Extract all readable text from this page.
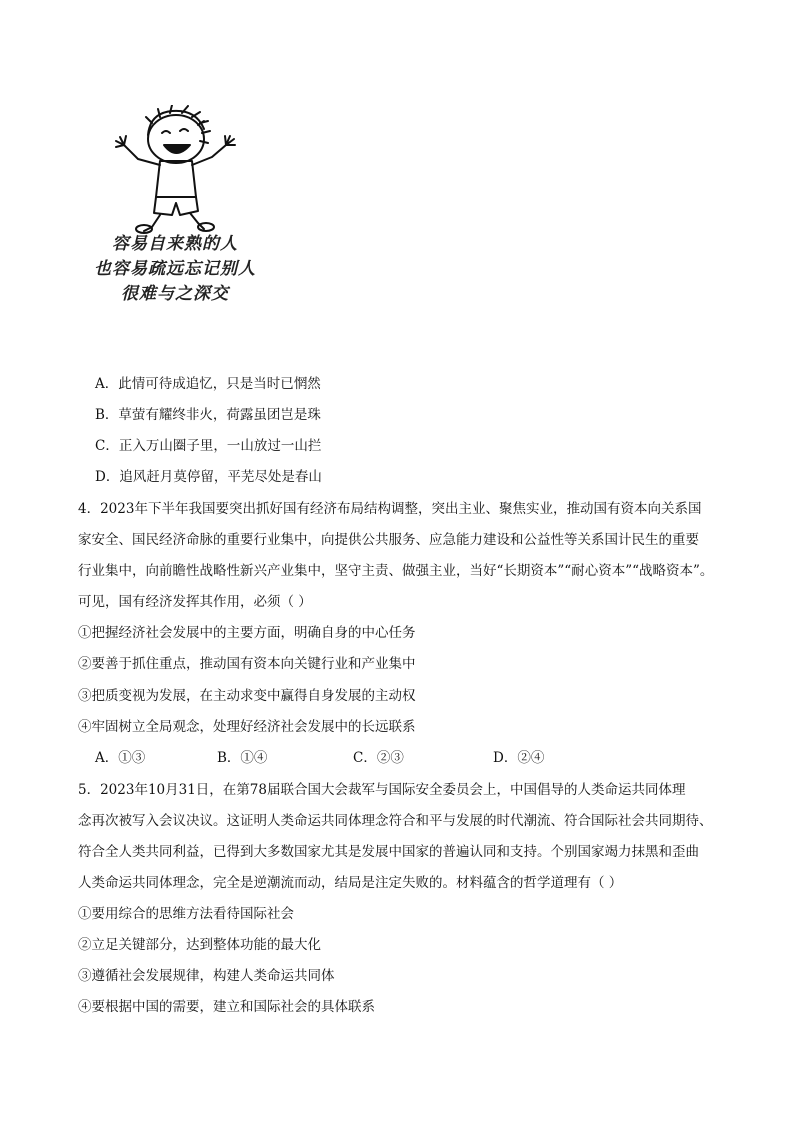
容易自来熟的人
也容易疏远忘记别人
很难与之深交
A．此情可待成追忆，只是当时已惘然
B．草萤有耀终非火，荷露虽团岂是珠
C．正入万山圈子里，一山放过一山拦
D．追风赶月莫停留，平芜尽处是春山
4．2023年下半年我国要突出抓好国有经济布局结构调整，突出主业、聚焦实业，推动国有资本向关系国
家安全、国民经济命脉的重要行业集中，向提供公共服务、应急能力建设和公益性等关系国计民生的重要
行业集中，向前瞻性战略性新兴产业集中，坚守主责、做强主业，当好“长期资本”“耐心资本”“战略资本”。
可见，国有经济发挥其作用，必须（ ）
①把握经济社会发展中的主要方面，明确自身的中心任务
②要善于抓住重点，推动国有资本向关键行业和产业集中
③把质变视为发展，在主动求变中赢得自身发展的主动权
④牢固树立全局观念，处理好经济社会发展中的长远联系
A．①③	B．①④	C．②③	D．②④
5．2023年10月31日，在第78届联合国大会裁军与国际安全委员会上，中国倡导的人类命运共同体理
念再次被写入会议决议。这证明人类命运共同体理念符合和平与发展的时代潮流、符合国际社会共同期待、
符合全人类共同利益，已得到大多数国家尤其是发展中国家的普遍认同和支持。个别国家竭力抹黑和歪曲
人类命运共同体理念，完全是逆潮流而动，结局是注定失败的。材料蕴含的哲学道理有（ ）
①要用综合的思维方法看待国际社会
②立足关键部分，达到整体功能的最大化
③遵循社会发展规律，构建人类命运共同体
④要根据中国的需要，建立和国际社会的具体联系
